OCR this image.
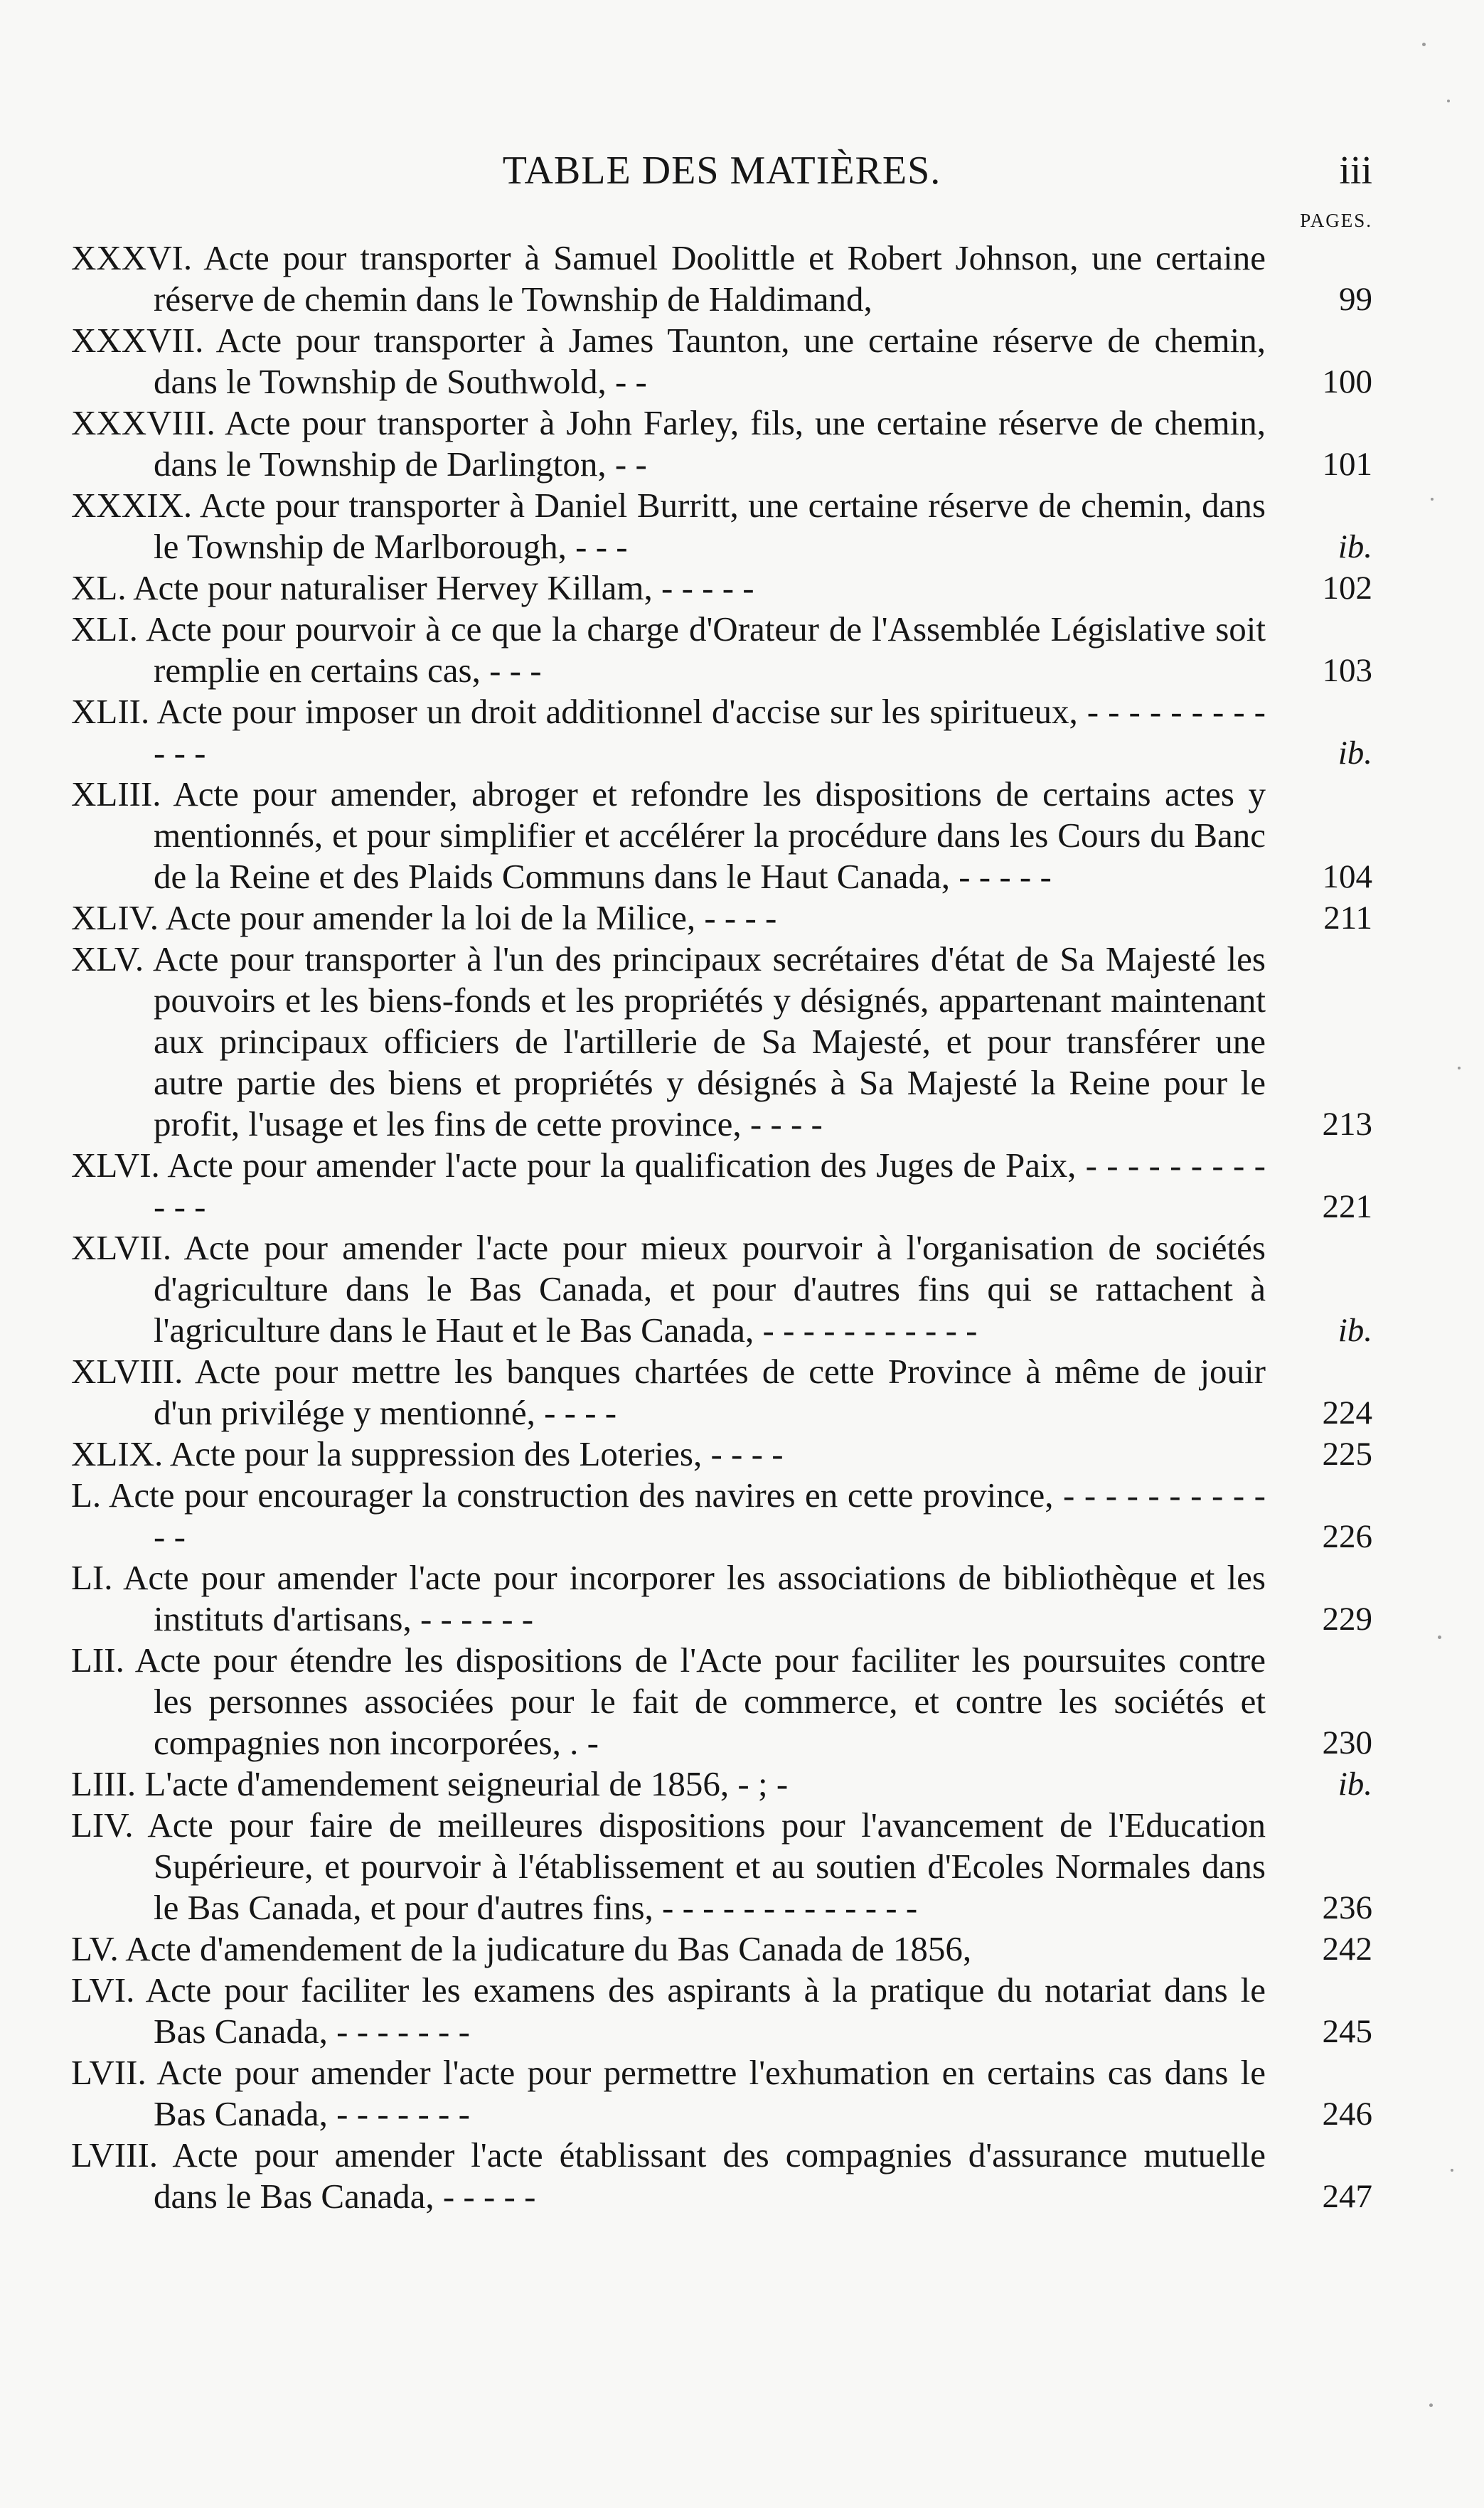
TABLE DES MATIÈRES.	iii
PAGES.
XXXVI. Acte pour transporter à Samuel Doolittle et Robert Johnson, une certaine réserve de chemin dans le Township de Haldimand,	99
XXXVII. Acte pour transporter à James Taunton, une certaine réserve de chemin, dans le Township de Southwold, - -	100
XXXVIII. Acte pour transporter à John Farley, fils, une certaine réserve de chemin, dans le Township de Darlington, - -	101
XXXIX. Acte pour transporter à Daniel Burritt, une certaine réserve de chemin, dans le Township de Marlborough, - - -	ib.
XL. Acte pour naturaliser Hervey Killam, - - - - -	102
XLI. Acte pour pourvoir à ce que la charge d'Orateur de l'Assemblée Législative soit remplie en certains cas, - - -	103
XLII. Acte pour imposer un droit additionnel d'accise sur les spiritueux, - - - - - - - - - - - -	ib.
XLIII. Acte pour amender, abroger et refondre les dispositions de certains actes y mentionnés, et pour simplifier et accélérer la procédure dans les Cours du Banc de la Reine et des Plaids Communs dans le Haut Canada, - - - - -	104
XLIV. Acte pour amender la loi de la Milice, - - - -	211
XLV. Acte pour transporter à l'un des principaux secrétaires d'état de Sa Majesté les pouvoirs et les biens-fonds et les propriétés y désignés, appartenant maintenant aux principaux officiers de l'artillerie de Sa Majesté, et pour transférer une autre partie des biens et propriétés y désignés à Sa Majesté la Reine pour le profit, l'usage et les fins de cette province, - - - -	213
XLVI. Acte pour amender l'acte pour la qualification des Juges de Paix, - - - - - - - - - - - -	221
XLVII. Acte pour amender l'acte pour mieux pourvoir à l'organisation de sociétés d'agriculture dans le Bas Canada, et pour d'autres fins qui se rattachent à l'agriculture dans le Haut et le Bas Canada, - - - - - - - - - - -	ib.
XLVIII. Acte pour mettre les banques chartées de cette Province à même de jouir d'un privilége y mentionné, - - - -	224
XLIX. Acte pour la suppression des Loteries, - - - -	225
L. Acte pour encourager la construction des navires en cette province, - - - - - - - - - - - -	226
LI. Acte pour amender l'acte pour incorporer les associations de bibliothèque et les instituts d'artisans, - - - - - -	229
LII. Acte pour étendre les dispositions de l'Acte pour faciliter les poursuites contre les personnes associées pour le fait de commerce, et contre les sociétés et compagnies non incorporées, . -	230
LIII. L'acte d'amendement seigneurial de 1856, - ; -	ib.
LIV. Acte pour faire de meilleures dispositions pour l'avancement de l'Education Supérieure, et pourvoir à l'établissement et au soutien d'Ecoles Normales dans le Bas Canada, et pour d'autres fins, - - - - - - - - - - - - -	236
LV. Acte d'amendement de la judicature du Bas Canada de 1856,	242
LVI. Acte pour faciliter les examens des aspirants à la pratique du notariat dans le Bas Canada, - - - - - - -	245
LVII. Acte pour amender l'acte pour permettre l'exhumation en certains cas dans le Bas Canada, - - - - - - -	246
LVIII. Acte pour amender l'acte établissant des compagnies d'assurance mutuelle dans le Bas Canada, - - - - -	247
